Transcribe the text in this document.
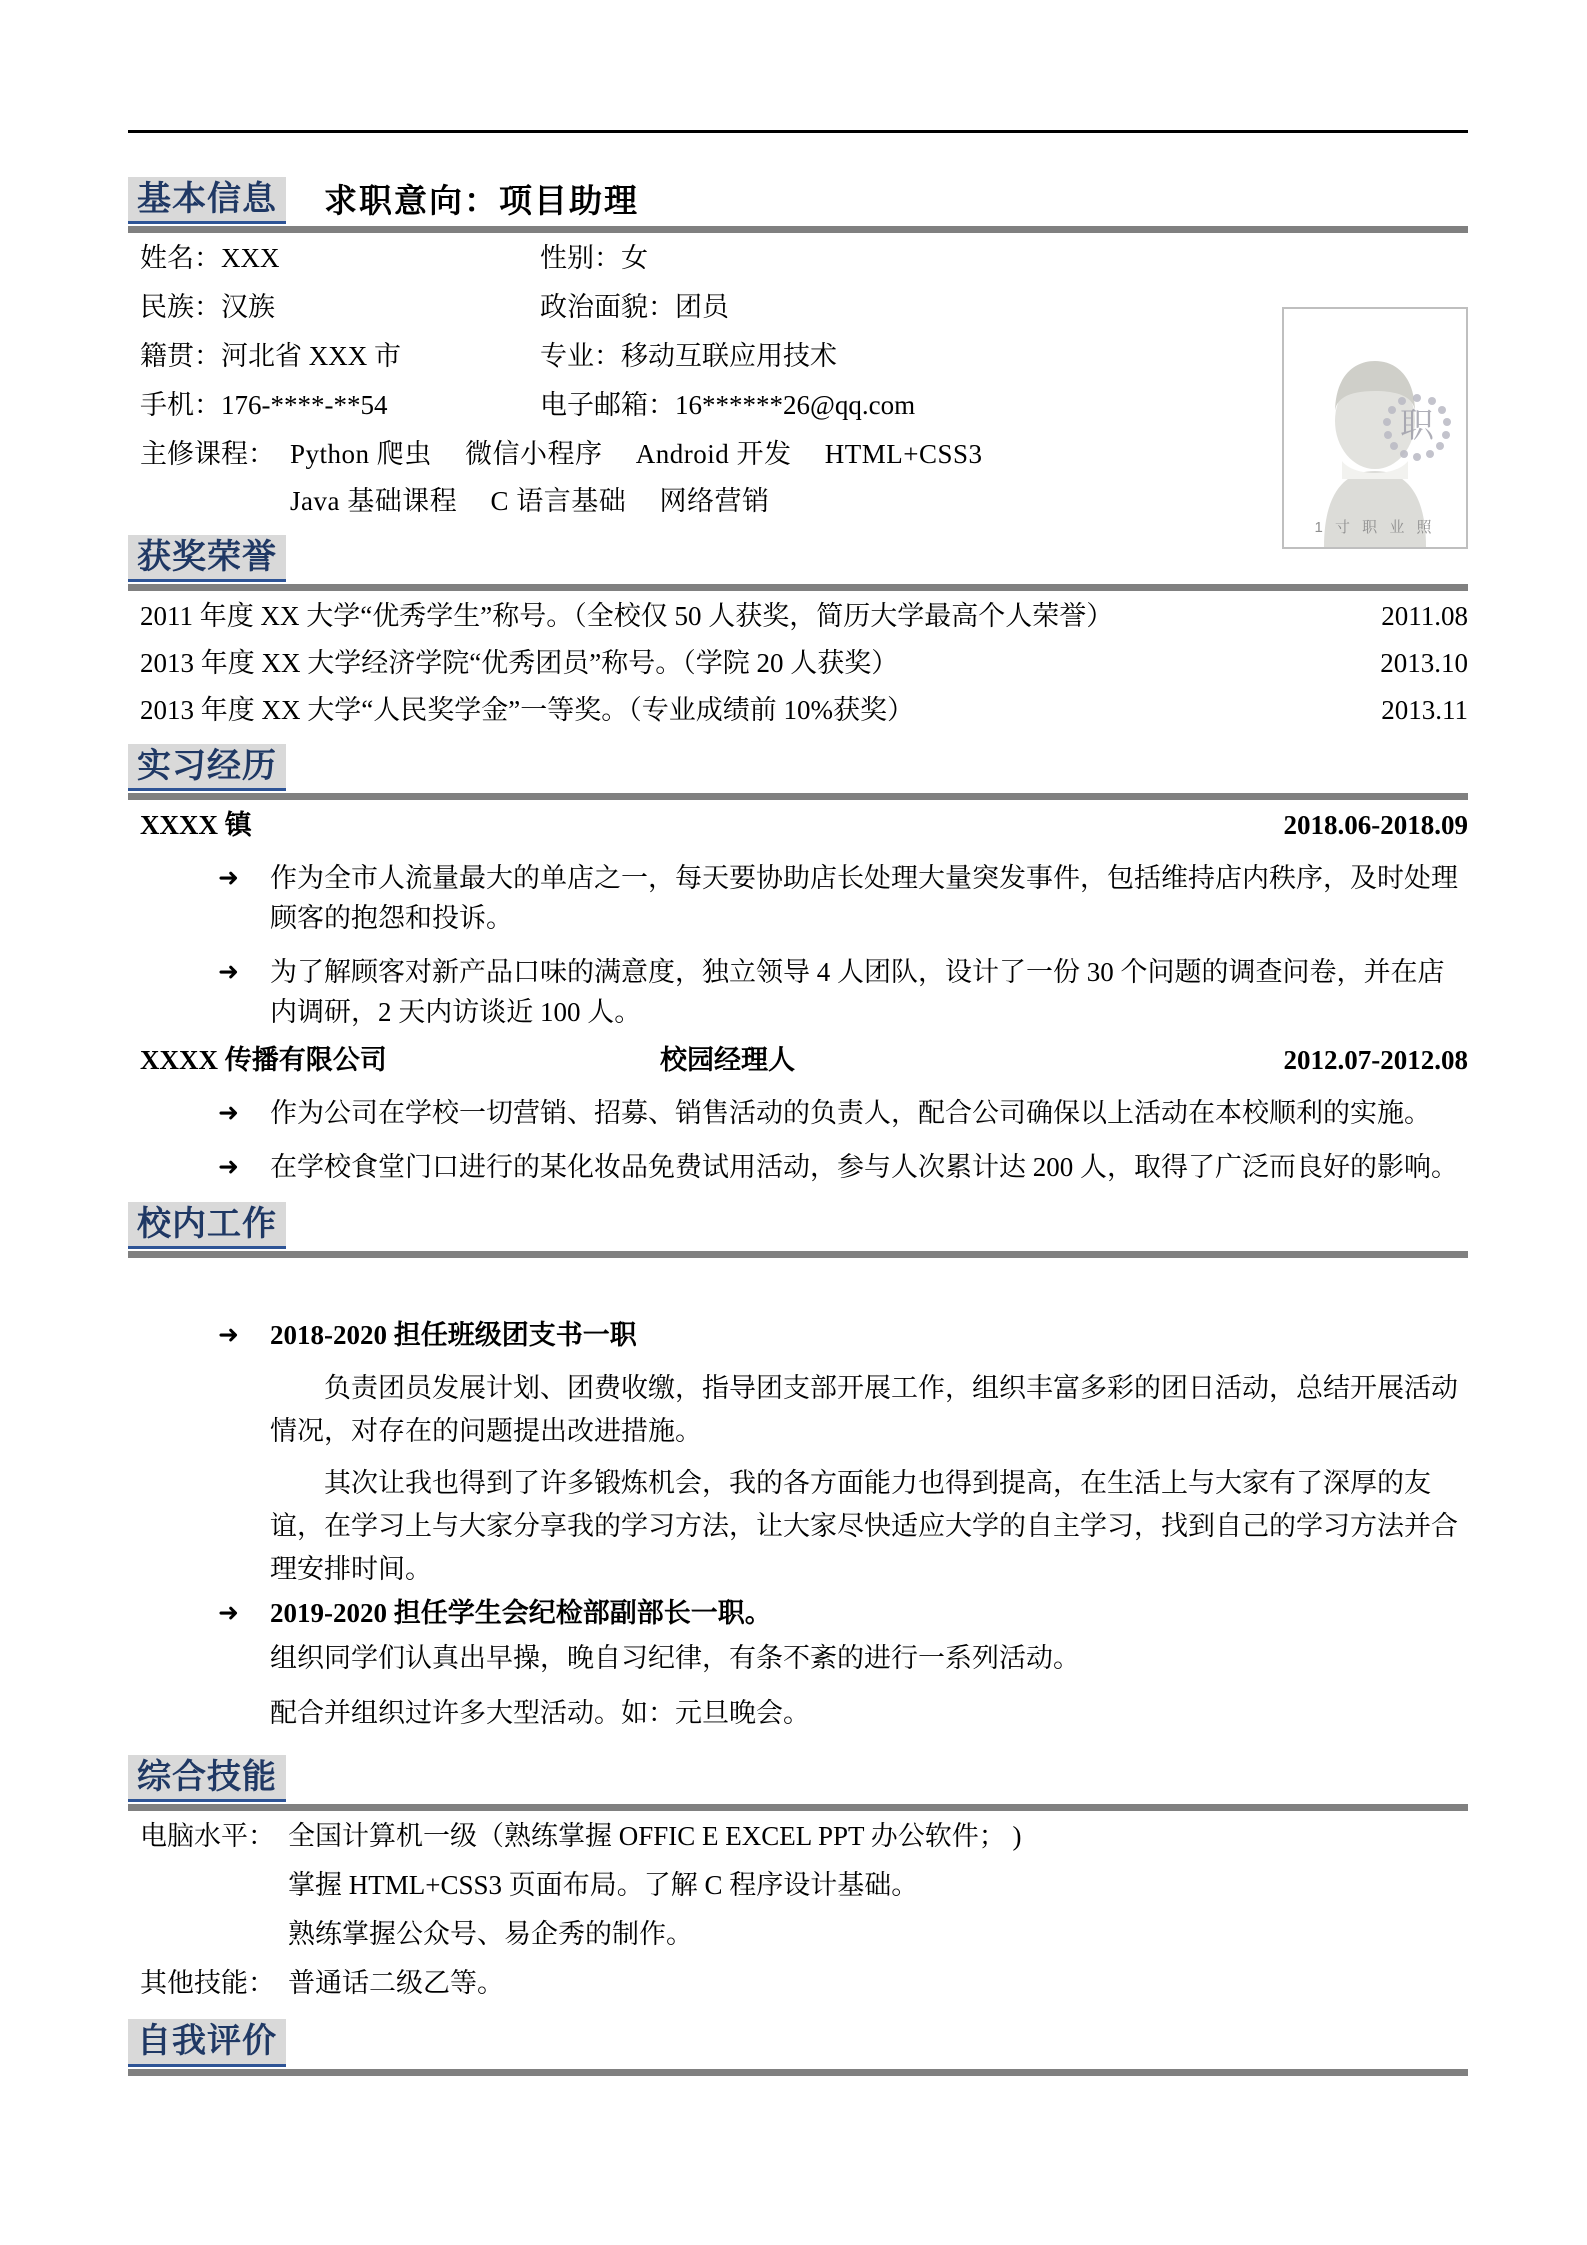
基本信息 求职意向：项目助理
职
1 寸 职 业 照
姓名：XXX	性别：女
民族：汉族	政治面貌：团员
籍贯：河北省 XXX 市	专业：移动互联应用技术
手机：176-****-**54	电子邮箱：16******26@qq.com
主修课程： Python 爬虫 微信小程序 Android 开发 HTML+CSS3
Java 基础课程 C 语言基础 网络营销
获奖荣誉
2011 年度 XX 大学“优秀学生”称号。（全校仅 50 人获奖，简历大学最高个人荣誉）	2011.08
2013 年度 XX 大学经济学院“优秀团员”称号。（学院 20 人获奖）	2013.10
2013 年度 XX 大学“人民奖学金”一等奖。（专业成绩前 10%获奖）	2013.11
实习经历
XXXX 镇	2018.06-2018.09
➜	作为全市人流量最大的单店之一，每天要协助店长处理大量突发事件，包括维持店内秩序，及时处理顾客的抱怨和投诉。
➜	为了解顾客对新产品口味的满意度，独立领导 4 人团队，设计了一份 30 个问题的调查问卷，并在店内调研，2 天内访谈近 100 人。
XXXX 传播有限公司	校园经理人	2012.07-2012.08
➜	作为公司在学校一切营销、招募、销售活动的负责人，配合公司确保以上活动在本校顺利的实施。
➜	在学校食堂门口进行的某化妆品免费试用活动，参与人次累计达 200 人，取得了广泛而良好的影响。
校内工作
➜	2018-2020 担任班级团支书一职
负责团员发展计划、团费收缴，指导团支部开展工作，组织丰富多彩的团日活动，总结开展活动情况，对存在的问题提出改进措施。
其次让我也得到了许多锻炼机会，我的各方面能力也得到提高，在生活上与大家有了深厚的友谊，在学习上与大家分享我的学习方法，让大家尽快适应大学的自主学习，找到自己的学习方法并合理安排时间。
➜	2019-2020 担任学生会纪检部副部长一职。
组织同学们认真出早操，晚自习纪律，有条不紊的进行一系列活动。
配合并组织过许多大型活动。如：元旦晚会。
综合技能
电脑水平： 全国计算机一级（熟练掌握 OFFIC E EXCEL PPT 办公软件； )
掌握 HTML+CSS3 页面布局。了解 C 程序设计基础。
熟练掌握公众号、易企秀的制作。
其他技能： 普通话二级乙等。
自我评价
